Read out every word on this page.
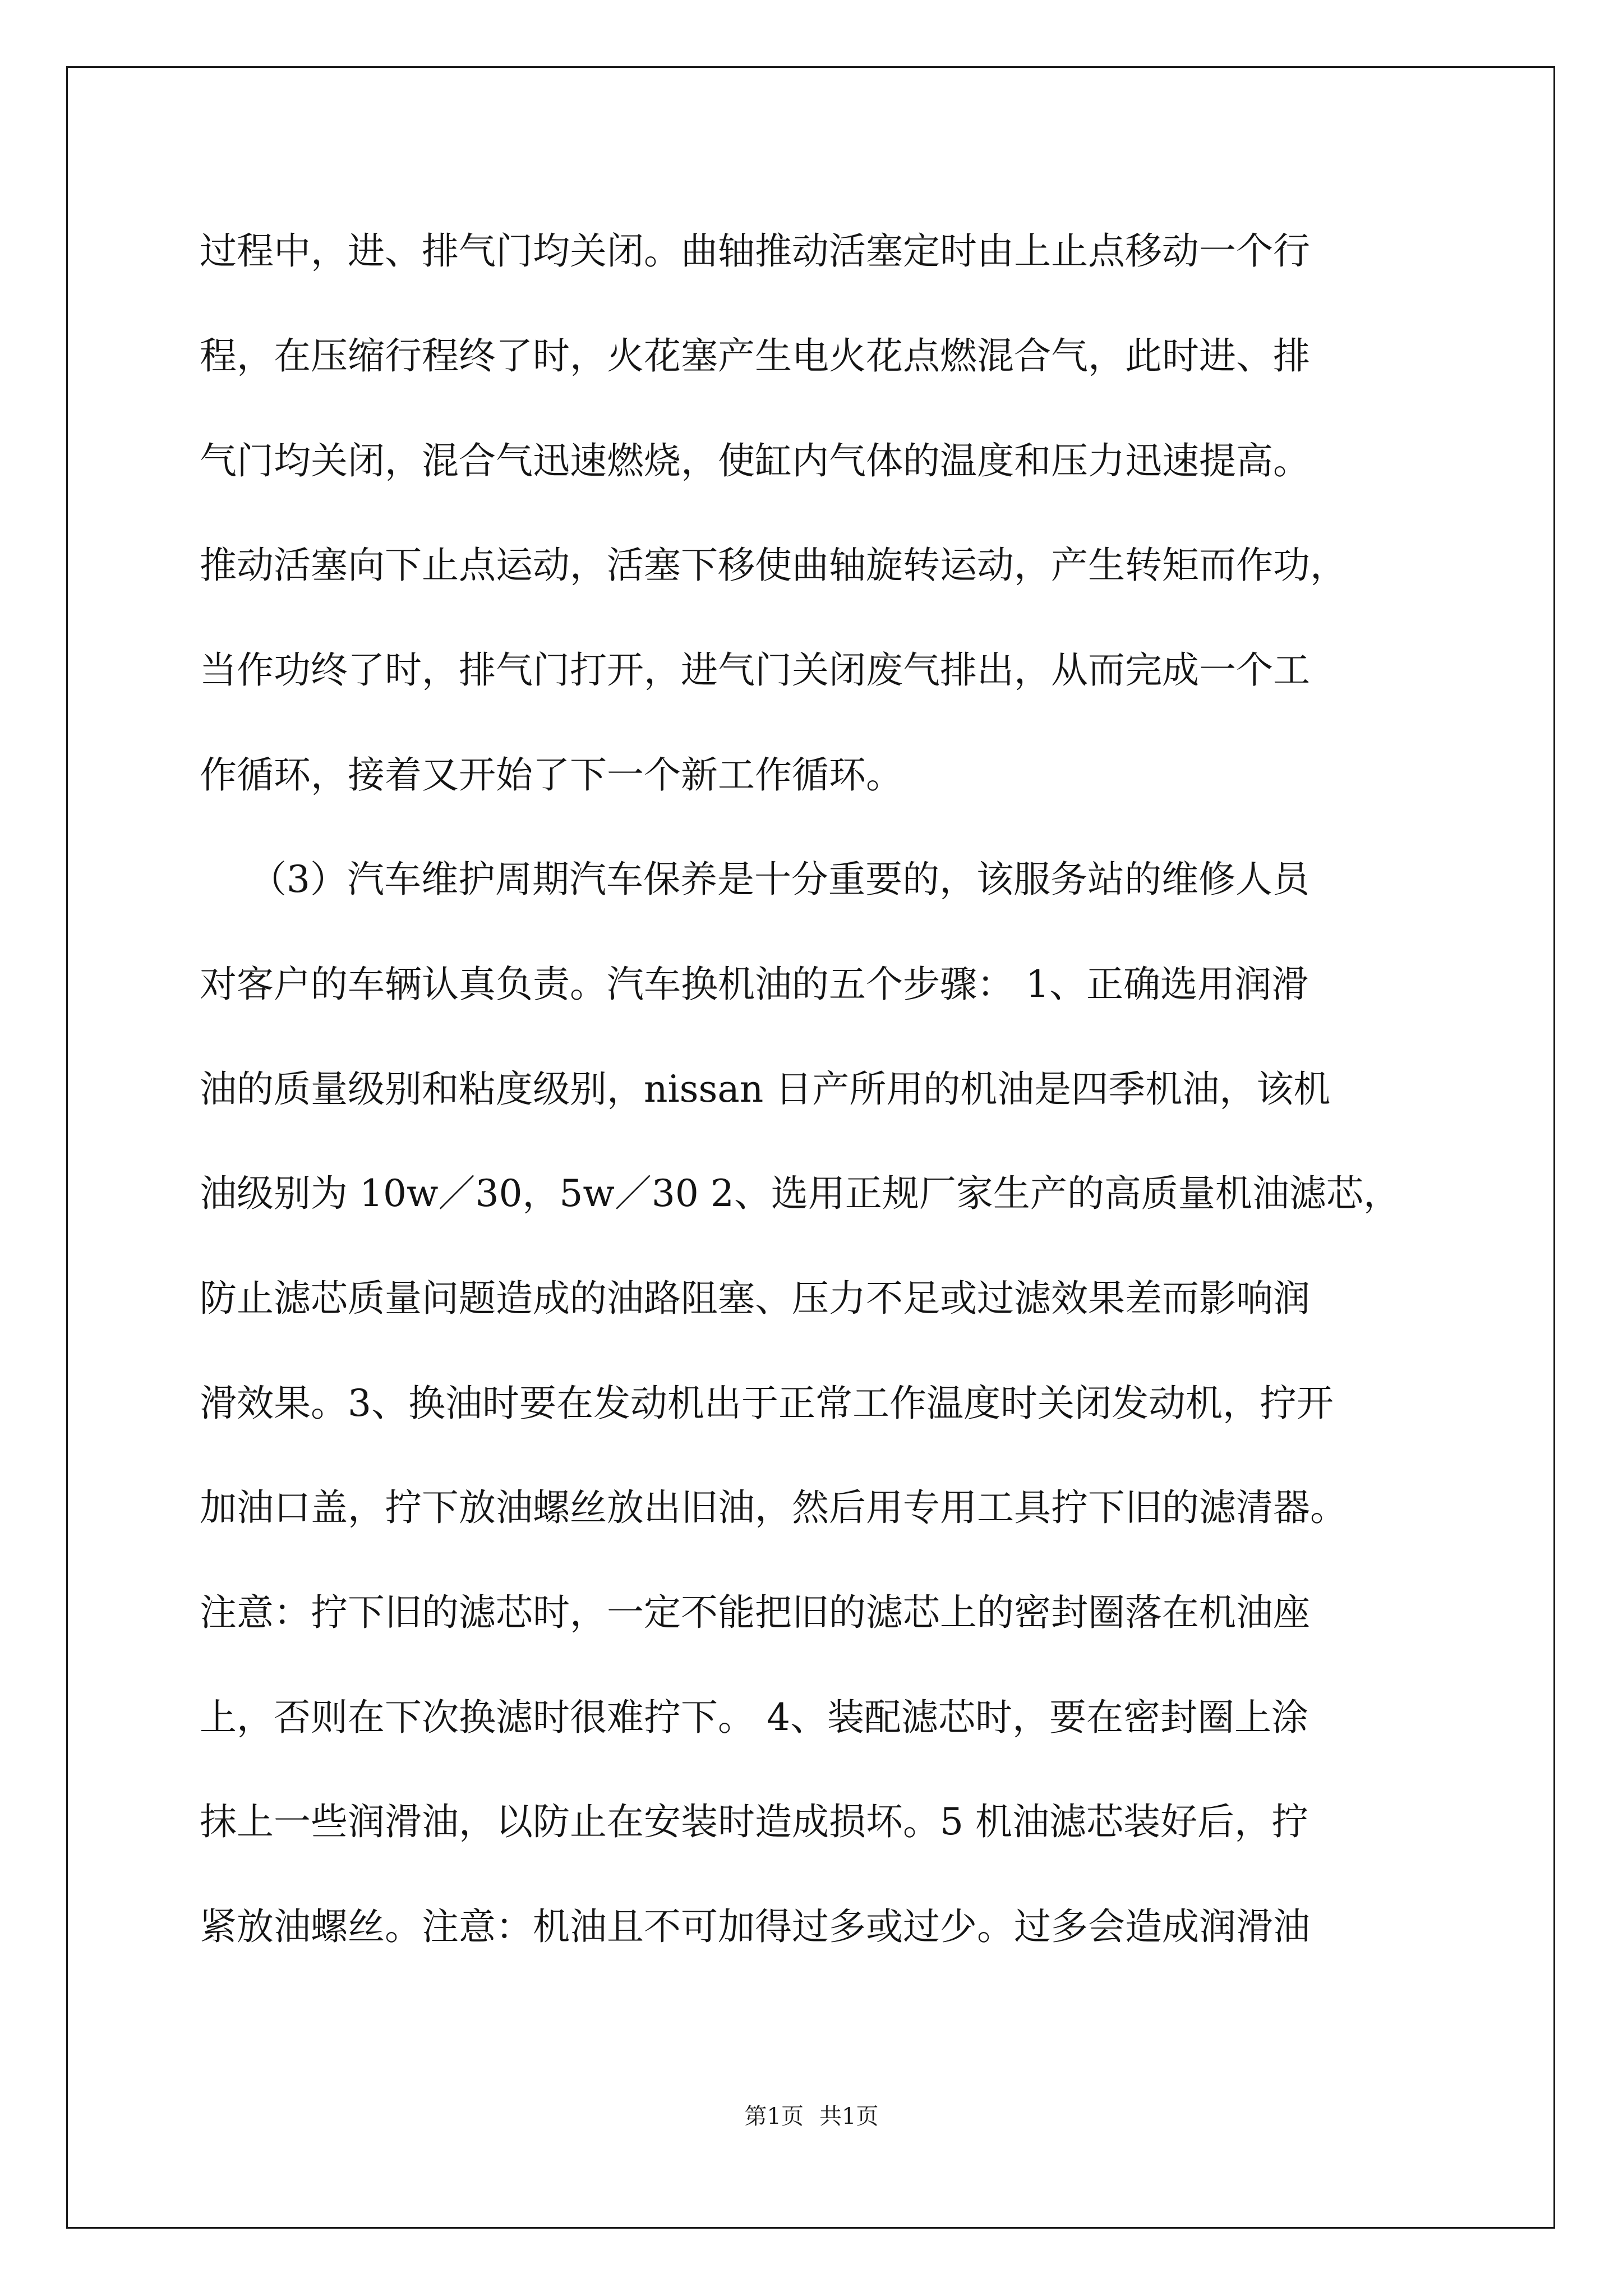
过程中，进、排气门均关闭。曲轴推动活塞定时由上止点移动一个行
程，在压缩行程终了时，火花塞产生电火花点燃混合气，此时进、排
气门均关闭，混合气迅速燃烧，使缸内气体的温度和压力迅速提高。
推动活塞向下止点运动，活塞下移使曲轴旋转运动，产生转矩而作功，
当作功终了时，排气门打开，进气门关闭废气排出，从而完成一个工
作循环，接着又开始了下一个新工作循环。
（3）汽车维护周期汽车保养是十分重要的，该服务站的维修人员
对客户的车辆认真负责。汽车换机油的五个步骤： 1、正确选用润滑
油的质量级别和粘度级别，nissan 日产所用的机油是四季机油，该机
油级别为 10w／30，5w／30 2、选用正规厂家生产的高质量机油滤芯，
防止滤芯质量问题造成的油路阻塞、压力不足或过滤效果差而影响润
滑效果。3、换油时要在发动机出于正常工作温度时关闭发动机，拧开
加油口盖，拧下放油螺丝放出旧油，然后用专用工具拧下旧的滤清器。
注意：拧下旧的滤芯时，一定不能把旧的滤芯上的密封圈落在机油座
上，否则在下次换滤时很难拧下。 4、装配滤芯时，要在密封圈上涂
抹上一些润滑油，以防止在安装时造成损坏。5 机油滤芯装好后，拧
紧放油螺丝。注意：机油且不可加得过多或过少。过多会造成润滑油
第1页 共1页
